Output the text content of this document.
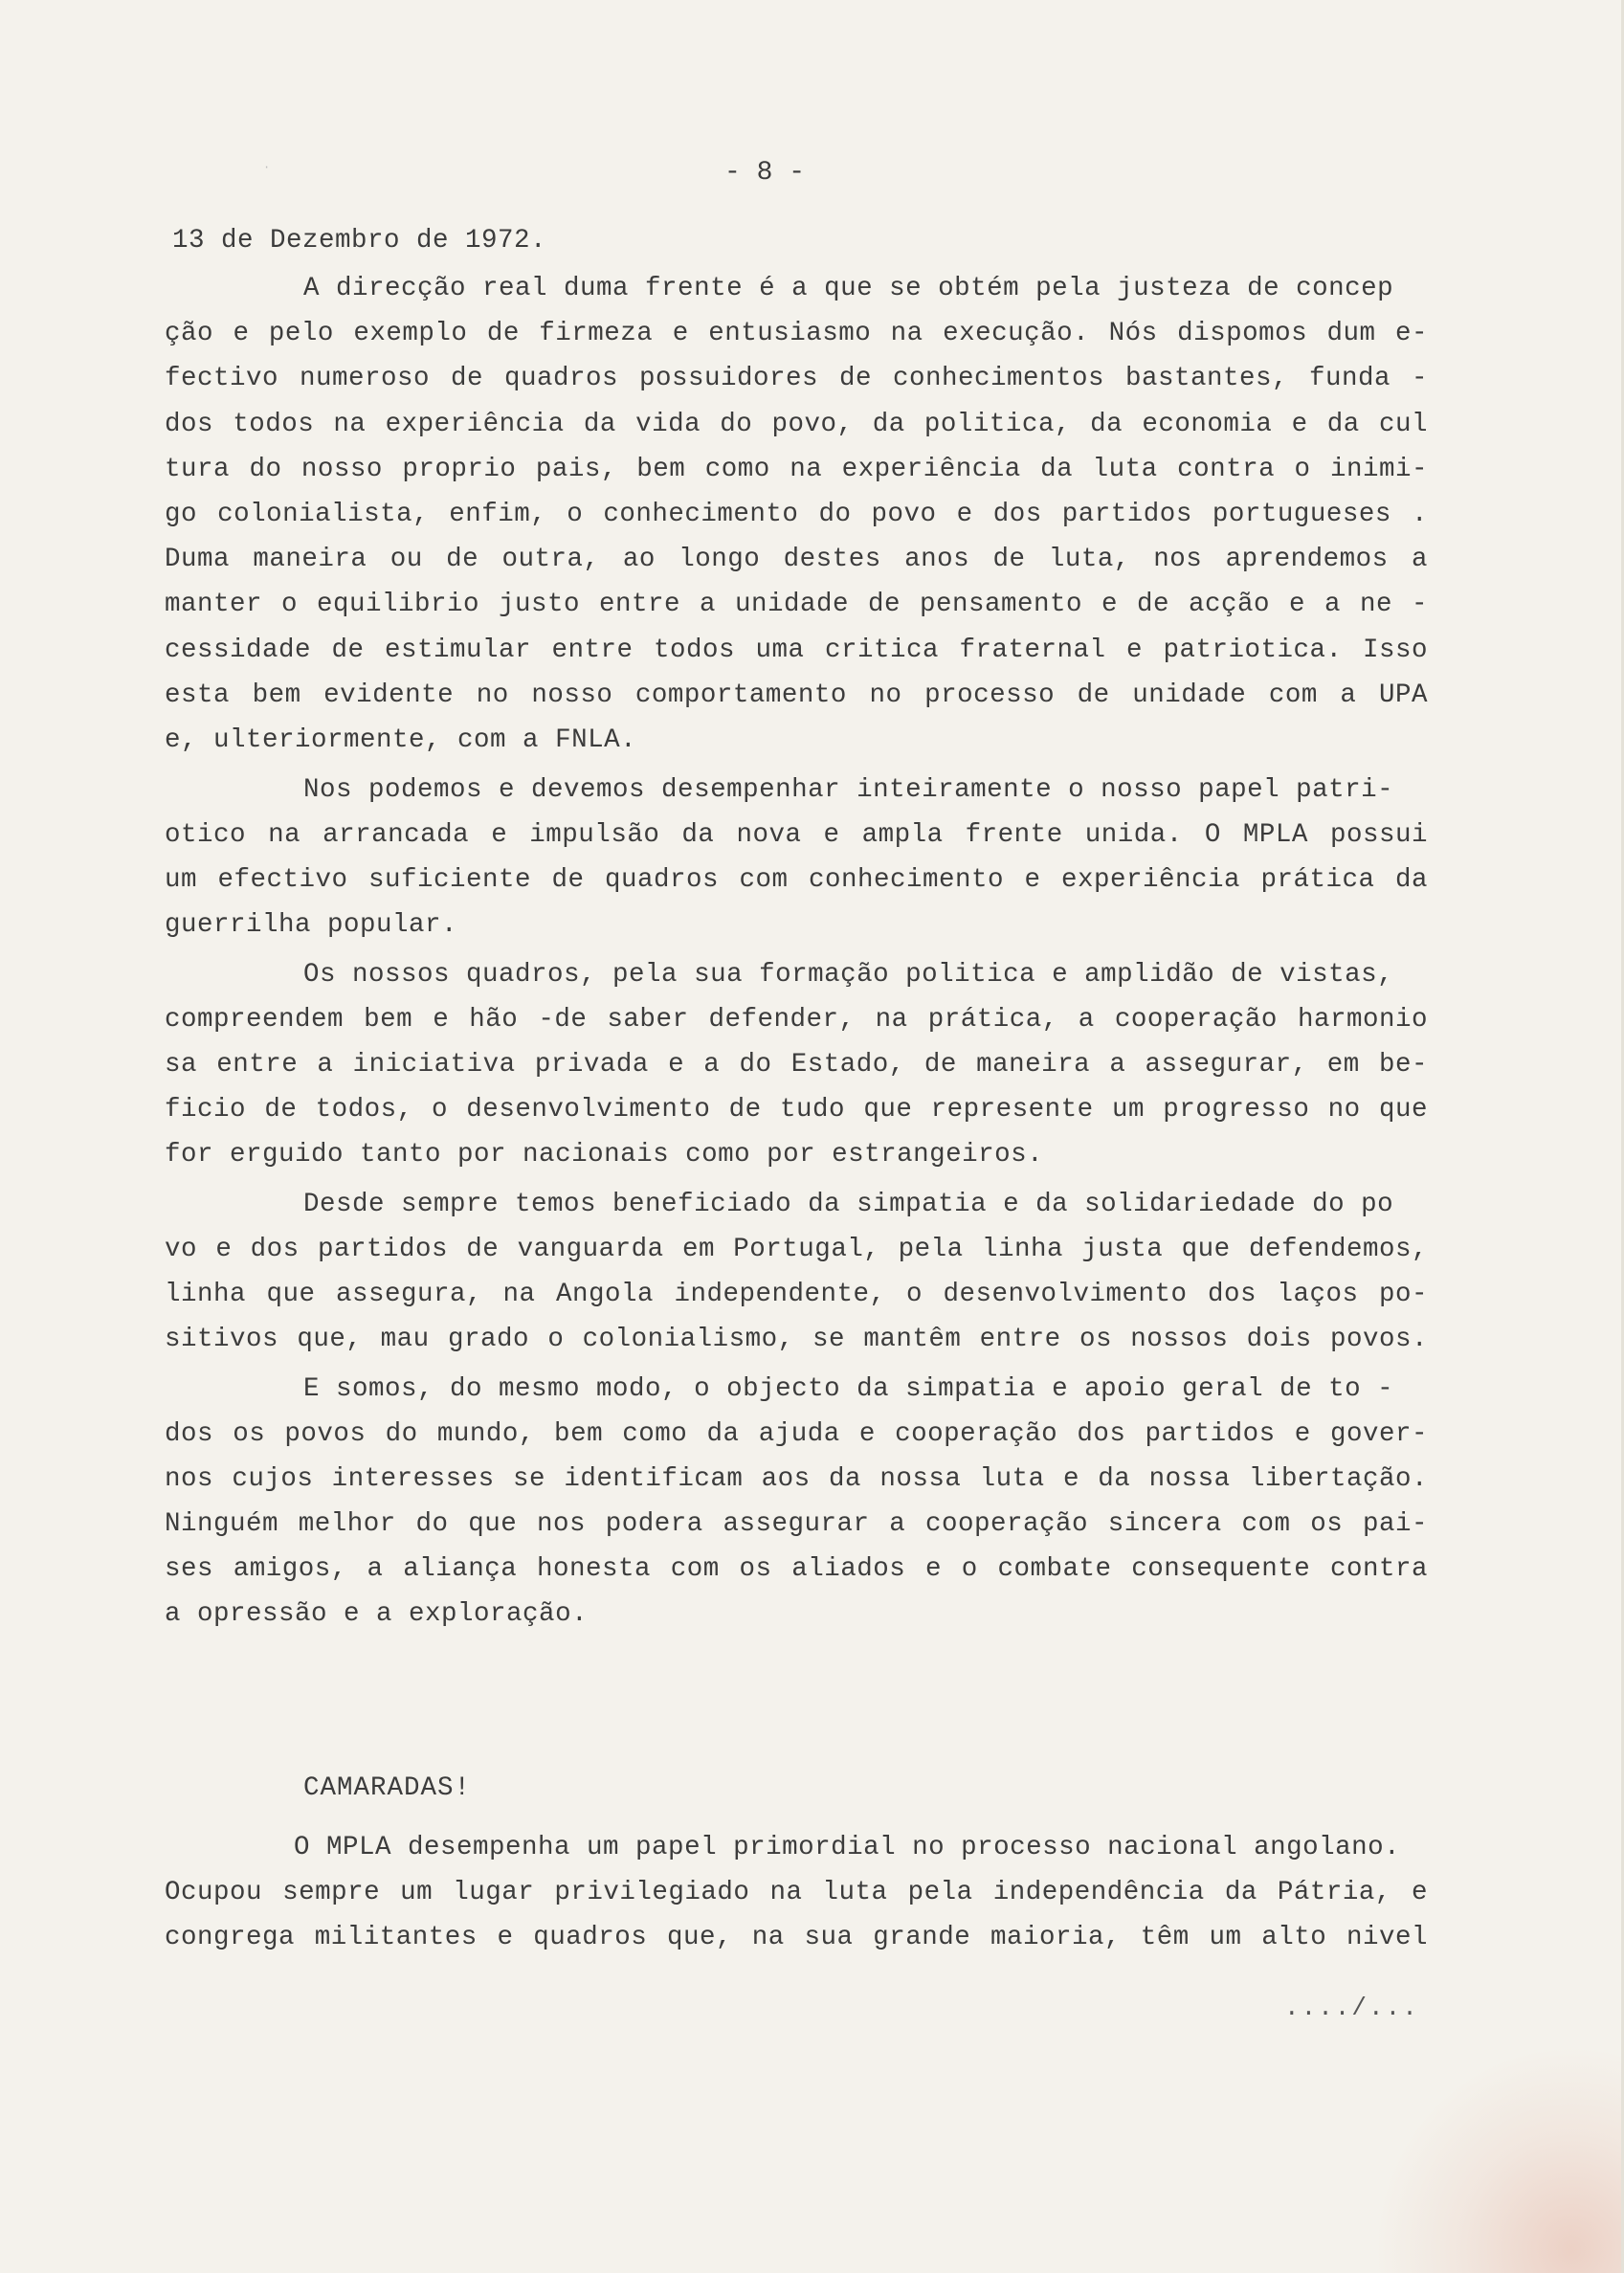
·	- 8 -
13 de Dezembro de 1972.
A direcção real duma frente é a que se obtém pela justeza de concep
ção e pelo exemplo de firmeza e entusiasmo na execução. Nós dispomos dum e-
fectivo numeroso de quadros possuidores de conhecimentos bastantes, funda -
dos todos na experiência da vida do povo, da politica, da economia e da cul
tura do nosso proprio pais, bem como na experiência da luta contra o inimi-
go colonialista, enfim, o conhecimento do povo e dos partidos portugueses .
Duma maneira ou de outra, ao longo destes anos de luta, nos aprendemos a
manter o equilibrio justo entre a unidade de pensamento e de acção e a ne -
cessidade de estimular entre todos uma critica fraternal e patriotica. Isso
esta bem evidente no nosso comportamento no processo de unidade com a UPA
e, ulteriormente, com a FNLA.
Nos podemos e devemos desempenhar inteiramente o nosso papel patri-
otico na arrancada e impulsão da nova e ampla frente unida. O MPLA possui
um efectivo suficiente de quadros com conhecimento e experiência prática da
guerrilha popular.
Os nossos quadros, pela sua formação politica e amplidão de vistas,
compreendem bem e hão -de saber defender, na prática, a cooperação harmonio
sa entre a iniciativa privada e a do Estado, de maneira a assegurar, em be-
ficio de todos, o desenvolvimento de tudo que represente um progresso no que
for erguido tanto por nacionais como por estrangeiros.
Desde sempre temos beneficiado da simpatia e da solidariedade do po
vo e dos partidos de vanguarda em Portugal, pela linha justa que defendemos,
linha que assegura, na Angola independente, o desenvolvimento dos laços po-
sitivos que, mau grado o colonialismo, se mantêm entre os nossos dois povos.
E somos, do mesmo modo, o objecto da simpatia e apoio geral de to -
dos os povos do mundo, bem como da ajuda e cooperação dos partidos e gover-
nos cujos interesses se identificam aos da nossa luta e da nossa libertação.
Ninguém melhor do que nos podera assegurar a cooperação sincera com os pai-
ses amigos, a aliança honesta com os aliados e o combate consequente contra
a opressão e a exploração.
CAMARADAS!
O MPLA desempenha um papel primordial no processo nacional angolano.
Ocupou sempre um lugar privilegiado na luta pela independência da Pátria, e
congrega militantes e quadros que, na sua grande maioria, têm um alto nivel
..../...
